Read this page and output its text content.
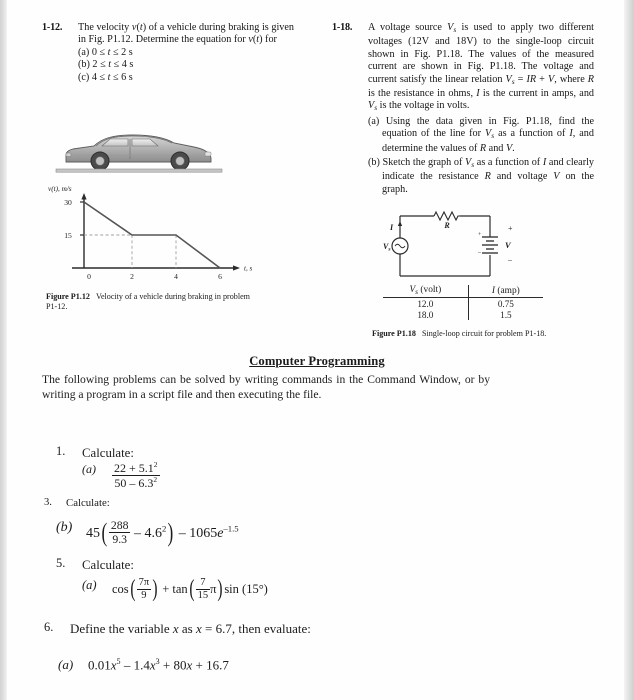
1-12. The velocity v(t) of a vehicle during braking is given in Fig. P1.12. Determine the equation for v(t) for

(a) 0 ≤ t ≤ 2 s
(b) 2 ≤ t ≤ 4 s
(c) 4 ≤ t ≤ 6 s
1-18. A voltage source $V_s$ is used to apply two different voltages (12V and 18V) to the single-loop circuit shown in Fig. P1.18. The values of the measured current are shown in Fig. P1.18. The voltage and current satisfy the linear relation $V_s$ = IR + V, where R is the resistance in ohms, I is the current in amps, and $V_s$ is the voltage in volts.

(a) Using the data given in Fig. P1.18, find the equation of the line for $V_s$ as a function of I, and determine the values of R and V.
(b) Sketch the graph of $V_s$ as a function of I and clearly indicate the resistance R and voltage V on the graph.
v(t), m/s
t, s
30
15
0	2	4	6
Figure P1.12 Velocity of a vehicle during braking in problem P1-12.
R
$V_s$
I
+
–
+
V
–
$V_s$ (volt)	I (amp)
12.0	0.75
18.0	1.5
Figure P1.18 Single-loop circuit for problem P1-18.
Computer Programming
The following problems can be solved by writing commands in the Command Window, or by writing a program in a script file and then executing the file.
1. Calculate:
$(a) \frac{22 + 5.1^2}{50 - 6.3^2}$
3. Calculate:
(b) $45( \frac{288}{9.3} - 4.6^2) - 1065e^{-1.5}$
5. Calculate:
(a) $\cos( \frac{7\pi}{9}$ ) + $\tan( \frac{7}{15} \pi)\sin$ (15°)
6. Define the variable x as x = 6.7, then evaluate:
(a) $0.01x^5 - 1.4x^3 + 80x + 16.7$
